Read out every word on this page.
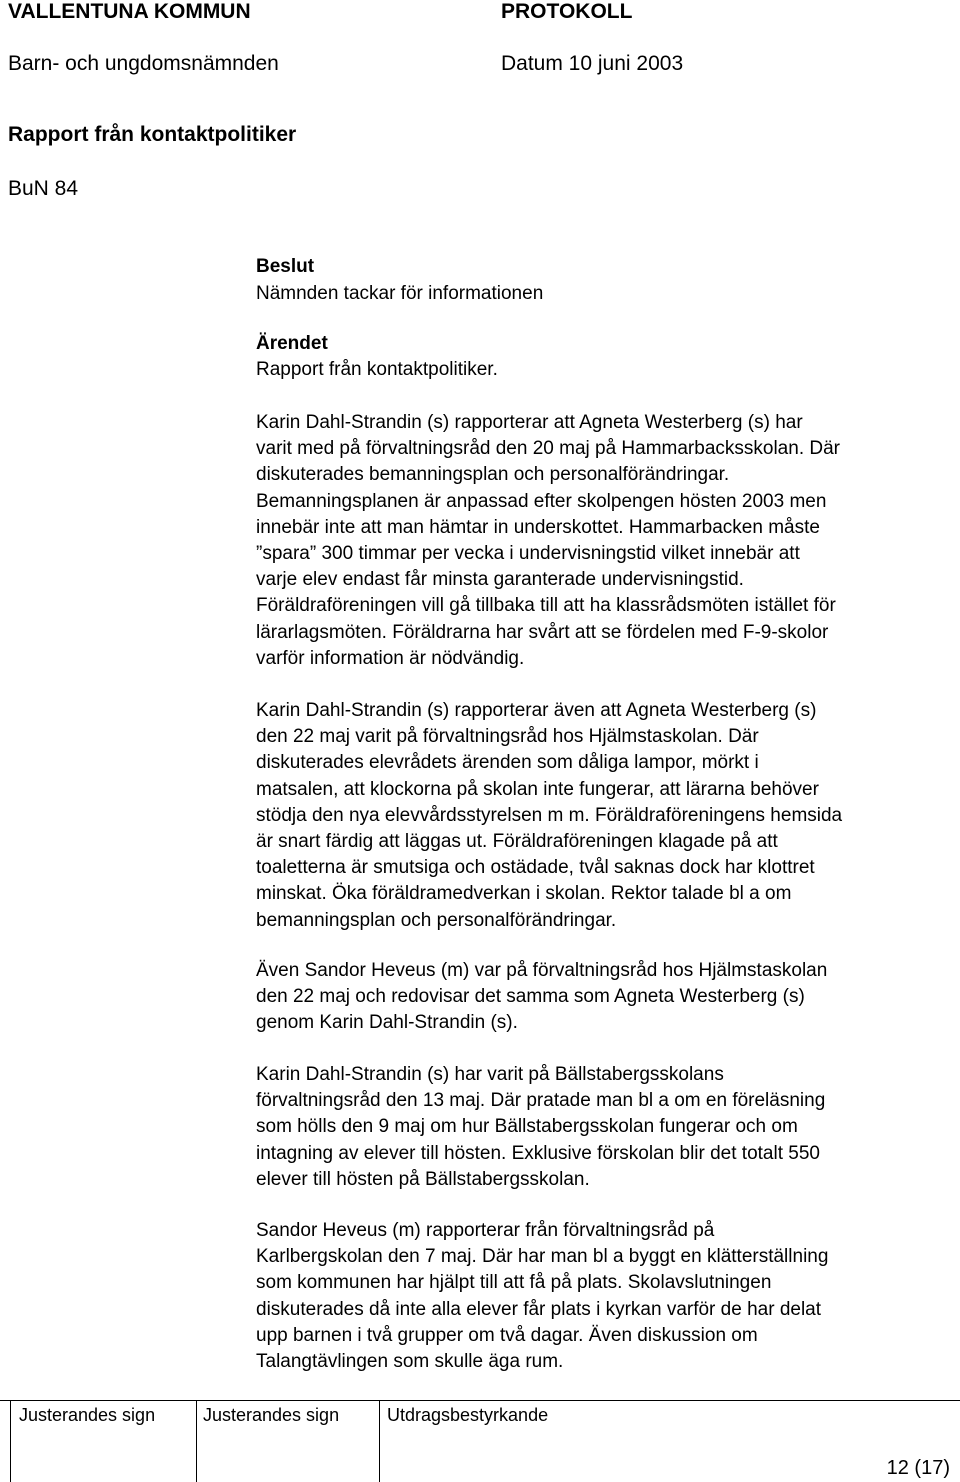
VALLENTUNA KOMMUN	PROTOKOLL
Barn- och ungdomsnämnden	Datum 10 juni 2003
Rapport från kontaktpolitiker
BuN 84
Beslut
Nämnden tackar för informationen
Ärendet
Rapport från kontaktpolitiker.
Karin Dahl-Strandin (s) rapporterar att Agneta Westerberg (s) har
varit med på förvaltningsråd den 20 maj på Hammarbacksskolan. Där
diskuterades bemanningsplan och personalförändringar.
Bemanningsplanen är anpassad efter skolpengen hösten 2003 men
innebär inte att man hämtar in underskottet. Hammarbacken måste
”spara” 300 timmar per vecka i undervisningstid vilket innebär att
varje elev endast får minsta garanterade undervisningstid.
Föräldraföreningen vill gå tillbaka till att ha klassrådsmöten istället för
lärarlagsmöten. Föräldrarna har svårt att se fördelen med F-9-skolor
varför information är nödvändig.
Karin Dahl-Strandin (s) rapporterar även att Agneta Westerberg (s)
den 22 maj varit på förvaltningsråd hos Hjälmstaskolan. Där
diskuterades elevrådets ärenden som dåliga lampor, mörkt i
matsalen, att klockorna på skolan inte fungerar, att lärarna behöver
stödja den nya elevvårdsstyrelsen m m. Föräldraföreningens hemsida
är snart färdig att läggas ut. Föräldraföreningen klagade på att
toaletterna är smutsiga och ostädade, tvål saknas dock har klottret
minskat. Öka föräldramedverkan i skolan. Rektor talade bl a om
bemanningsplan och personalförändringar.
Även Sandor Heveus (m) var på förvaltningsråd hos Hjälmstaskolan
den 22 maj och redovisar det samma som Agneta Westerberg (s)
genom Karin Dahl-Strandin (s).
Karin Dahl-Strandin (s) har varit på Bällstabergsskolans
förvaltningsråd den 13 maj. Där pratade man bl a om en föreläsning
som hölls den 9 maj om hur Bällstabergsskolan fungerar och om
intagning av elever till hösten. Exklusive förskolan blir det totalt 550
elever till hösten på Bällstabergsskolan.
Sandor Heveus (m) rapporterar från förvaltningsråd på
Karlbergskolan den 7 maj. Där har man bl a byggt en klätterställning
som kommunen har hjälpt till att få på plats. Skolavslutningen
diskuterades då inte alla elever får plats i kyrkan varför de har delat
upp barnen i två grupper om två dagar. Även diskussion om
Talangtävlingen som skulle äga rum.
Justerandes sign	Justerandes sign	Utdragsbestyrkande
12 (17)
